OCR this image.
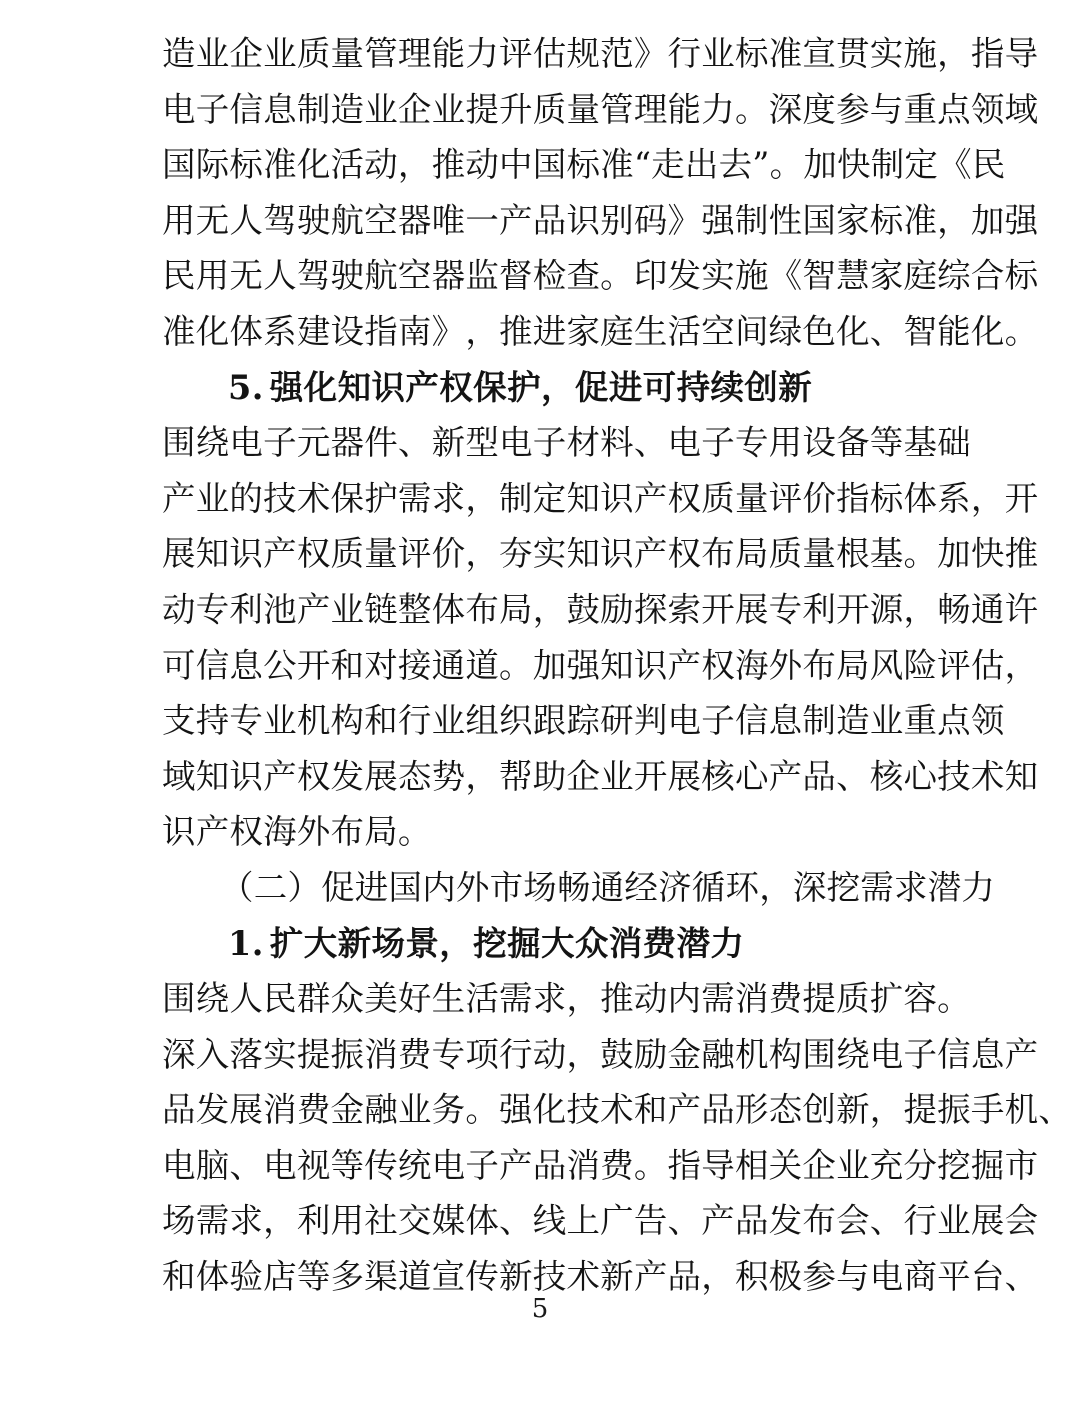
造 业 企 业 质 量 管 理 能 力 评 估 规 范 》 行 业 标 准 宣 贯 实 施 ， 指 导
电 子 信 息 制 造 业 企 业 提 升 质 量 管 理 能 力 。 深 度 参 与 重 点 领 域
国 际 标 准 化 活 动 ， 推 动 中 国 标 准 “ 走 出 去 ” 。 加 快 制 定 《 民
用 无 人 驾 驶 航 空 器 唯 一 产 品 识 别 码 》 强 制 性 国 家 标 准 ， 加 强
民 用 无 人 驾 驶 航 空 器 监 督 检 查 。 印 发 实 施 《 智 慧 家 庭 综 合 标
准 化 体 系 建 设 指 南 》 ， 推 进 家 庭 生 活 空 间 绿 色 化 、 智 能 化 。
5. 强化知识产权保护，促进可持续创新
围 绕 电 子 元 器 件 、 新 型 电 子 材 料 、 电 子 专 用 设 备 等 基 础
产 业 的 技 术 保 护 需 求 ， 制 定 知 识 产 权 质 量 评 价 指 标 体 系 ， 开
展 知 识 产 权 质 量 评 价 ， 夯 实 知 识 产 权 布 局 质 量 根 基 。 加 快 推
动 专 利 池 产 业 链 整 体 布 局 ， 鼓 励 探 索 开 展 专 利 开 源 ， 畅 通 许
可 信 息 公 开 和 对 接 通 道 。 加 强 知 识 产 权 海 外 布 局 风 险 评 估 ，
支 持 专 业 机 构 和 行 业 组 织 跟 踪 研 判 电 子 信 息 制 造 业 重 点 领
域 知 识 产 权 发 展 态 势 ， 帮 助 企 业 开 展 核 心 产 品 、 核 心 技 术 知
识产权海外布局。
（二）促进国内外市场畅通经济循环，深挖需求潜力
1. 扩大新场景，挖掘大众消费潜力
围 绕 人 民 群 众 美 好 生 活 需 求 ， 推 动 内 需 消 费 提 质 扩 容 。
深 入 落 实 提 振 消 费 专 项 行 动 ， 鼓 励 金 融 机 构 围 绕 电 子 信 息 产
品 发 展 消 费 金 融 业 务 。 强 化 技 术 和 产 品 形 态 创 新 ， 提 振 手 机 、
电 脑 、 电 视 等 传 统 电 子 产 品 消 费 。 指 导 相 关 企 业 充 分 挖 掘 市
场 需 求 ， 利 用 社 交 媒 体 、 线 上 广 告 、 产 品 发 布 会 、 行 业 展 会
和 体 验 店 等 多 渠 道 宣 传 新 技 术 新 产 品 ， 积 极 参 与 电 商 平 台 、
5
